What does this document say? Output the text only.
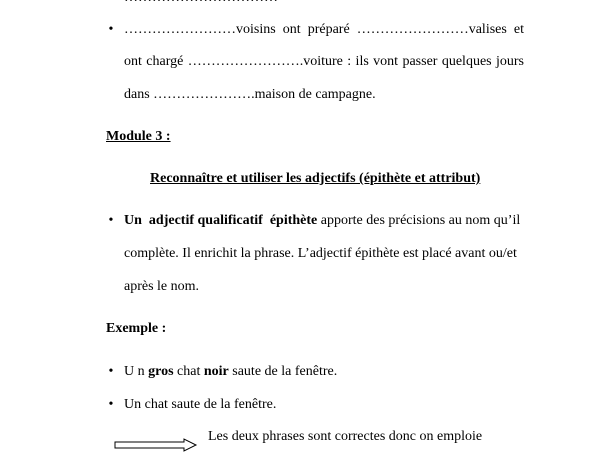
•
……………………voisins ont préparé ……………………valises et
ont chargé …………………….voiture : ils vont passer quelques jours
dans ………………….maison de campagne.
Module 3 :
Reconnaître et utiliser les adjectifs (épithète et attribut)
•
Un adjectif qualificatif épithète apporte des précisions au nom qu’il
complète. Il enrichit la phrase. L’adjectif épithète est placé avant ou/et
après le nom.
Exemple :
•
U n gros chat noir saute de la fenêtre.
•
Un chat saute de la fenêtre.
Les deux phrases sont correctes donc on emploie
